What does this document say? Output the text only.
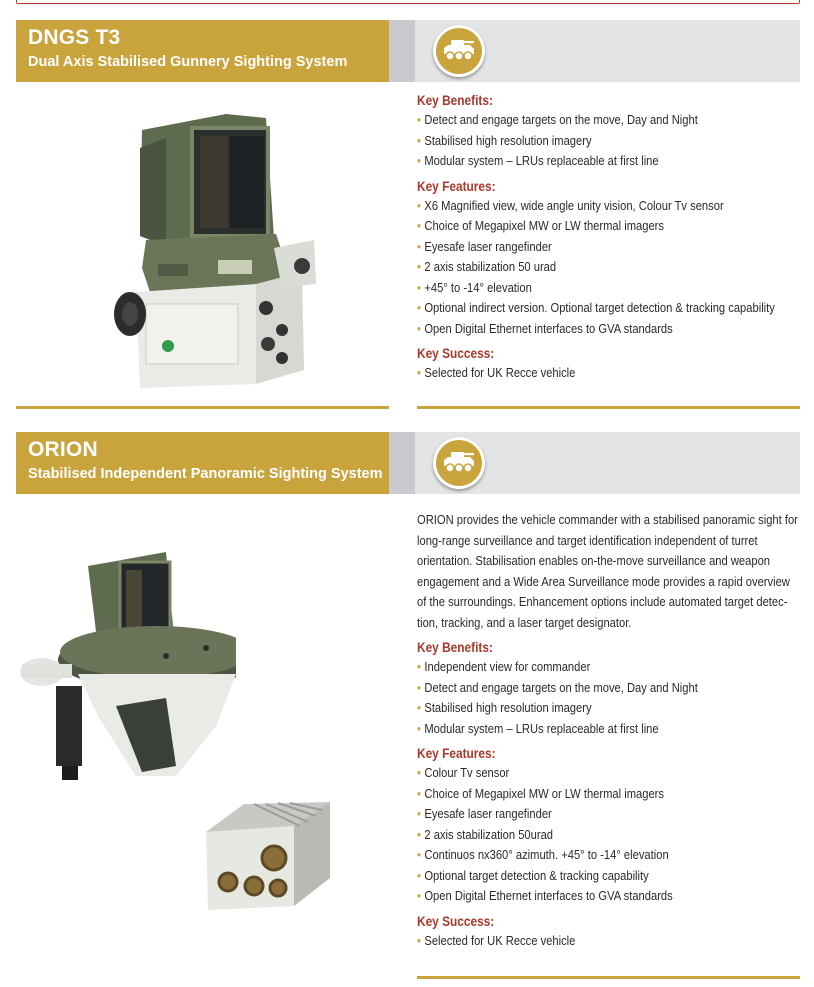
DNGS T3
Dual Axis Stabilised Gunnery Sighting System

Key Benefits:

• Detect and engage targets on the move, Day and Night
• Stabilised high resolution imagery
• Modular system – LRUs replaceable at first line

Key Features:

• X6 Magnified view, wide angle unity vision, Colour Tv sensor
• Choice of Megapixel MW or LW thermal imagers
• Eyesafe laser rangefinder
• 2 axis stabilization 50 urad
• +45° to -14° elevation
• Optional indirect version. Optional target detection & tracking capability
• Open Digital Ethernet interfaces to GVA standards

Key Success:

• Selected for UK Recce vehicle
ORION
Stabilised Independent Panoramic Sighting System

ORION provides the vehicle commander with a stabilised panoramic sight for long-range surveillance and target identification independent of turret orientation. Stabilisation enables on-the-move surveillance and weapon engagement and a Wide Area Surveillance mode provides a rapid overview of the surroundings. Enhancement options include automated target detec-tion, tracking, and a laser target designator.

Key Benefits:

• Independent view for commander
• Detect and engage targets on the move, Day and Night
• Stabilised high resolution imagery
• Modular system – LRUs replaceable at first line

Key Features:

• Colour Tv sensor
• Choice of Megapixel MW or LW thermal imagers
• Eyesafe laser rangefinder
• 2 axis stabilization 50urad
• Continuos nx360° azimuth. +45° to -14° elevation
• Optional target detection & tracking capability
• Open Digital Ethernet interfaces to GVA standards

Key Success:

• Selected for UK Recce vehicle
